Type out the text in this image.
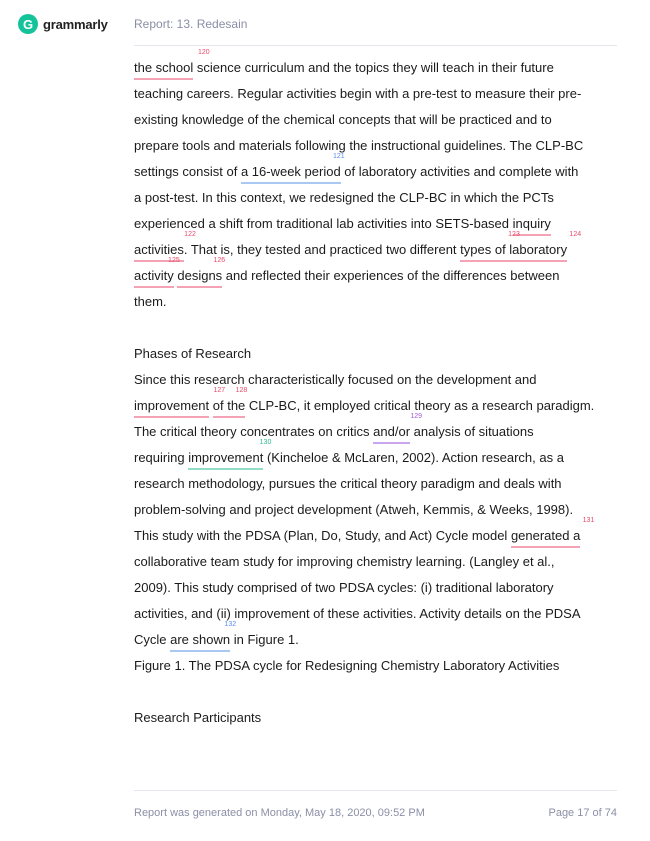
G grammarly Report: 13. Redesain
120
the school science curriculum and the topics they will teach in their future
teaching careers. Regular activities begin with a pre-test to measure their pre-
existing knowledge of the chemical concepts that will be practiced and to
prepare tools and materials following the instructional guidelines. The CLP-BC
settings consist of
121
a 16-week period of laboratory activities and complete with
a post-test. In this context, we redesigned the CLP-BC in which the PCTs
experienced a shift from traditional lab activities into SETS-based inquiry
122
activities. That is, they tested and practiced two different
123	124
types of laboratory
125
activity
126
designs and reflected their experiences of the differences between
them.
Phases of Research
Since this research characteristically focused on the development and
127
improvement
128
of the CLP-BC, it employed critical theory as a research paradigm.
The critical theory concentrates on critics
129
and/or analysis of situations
requiring
130
improvement (Kincheloe & McLaren, 2002). Action research, as a
research methodology, pursues the critical theory paradigm and deals with
problem-solving and project development (Atweh, Kemmis, & Weeks, 1998).
This study with the PDSA (Plan, Do, Study, and Act) Cycle model
131
generated a
collaborative team study for improving chemistry learning. (Langley et al.,
2009). This study comprised of two PDSA cycles: (i) traditional laboratory
activities, and (ii) improvement of these activities. Activity details on the PDSA
Cycle
132
are shown in Figure 1.
Figure 1. The PDSA cycle for Redesigning Chemistry Laboratory Activities
Research Participants
Report was generated on Monday, May 18, 2020, 09:52 PM	Page 17 of 74
